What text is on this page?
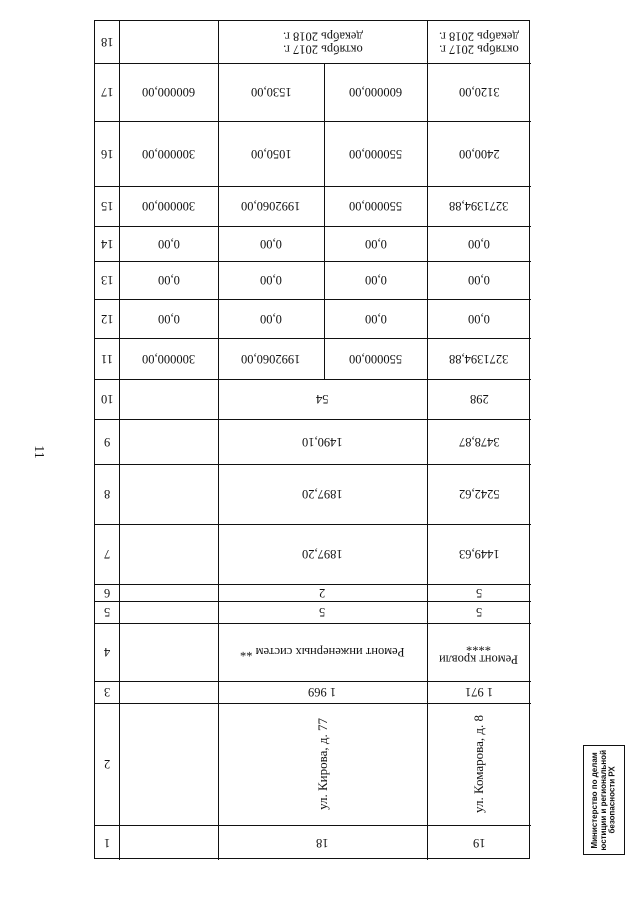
11
18
17
16
15
14
13
12
11
10
9
8
7
6
5
4
3
2
1
600000,00
300000,00
300000,00
0,00
0,00
0,00
300000,00
1530,00
1050,00
1992060,00
0,00
0,00
0,00
1992060,00
600000,00
550000,00
550000,00
0,00
0,00
0,00
550000,00
октябрь 2017 г.
декабрь 2018 г.
54
1490,10
1897,20
1897,20
2
5
Ремонт инженерных систем **
1 969
ул. Кирова, д. 77
18
октябрь 2017 г.
декабрь 2018 г.
3120,00
2400,00
3271394,88
0,00
0,00
0,00
3271394,88
298
3478,87
5242,62
1449,63
5
5
Ремонт кровли
****
1 971
ул. Комарова, д. 8
19	Министерство по делам
юстиции и региональной
безопасности РХ
